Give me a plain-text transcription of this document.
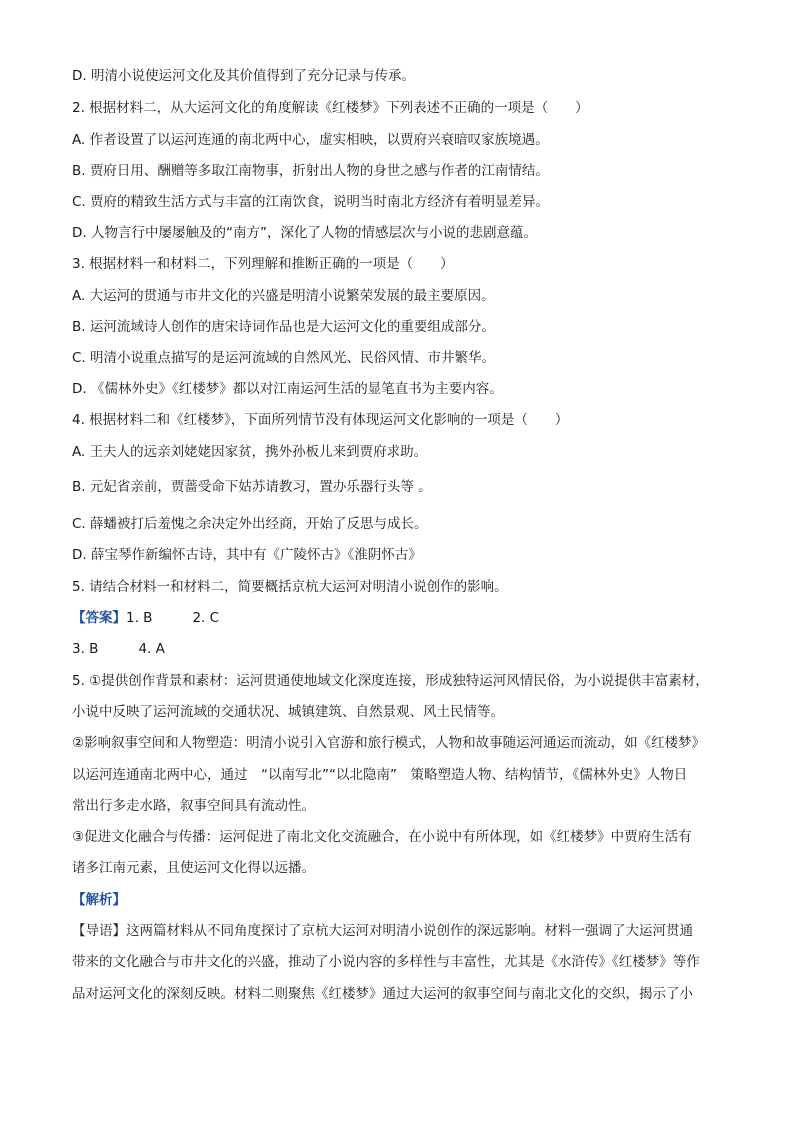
D. 明清小说使运河文化及其价值得到了充分记录与传承。
2. 根据材料二，从大运河文化的角度解读《红楼梦》下列表述不正确的一项是（　　）
A. 作者设置了以运河连通的南北两中心，虚实相映，以贾府兴衰暗叹家族境遇。
B. 贾府日用、酬赠等多取江南物事，折射出人物的身世之感与作者的江南情结。
C. 贾府的精致生活方式与丰富的江南饮食，说明当时南北方经济有着明显差异。
D. 人物言行中屡屡触及的“南方”，深化了人物的情感层次与小说的悲剧意蕴。
3. 根据材料一和材料二，下列理解和推断正确的一项是（　　）
A. 大运河的贯通与市井文化的兴盛是明清小说繁荣发展的最主要原因。
B. 运河流域诗人创作的唐宋诗词作品也是大运河文化的重要组成部分。
C. 明清小说重点描写的是运河流域的自然风光、民俗风情、市井繁华。
D. 《儒林外史》《红楼梦》都以对江南运河生活的显笔直书为主要内容。
4. 根据材料二和《红楼梦》，下面所列情节没有体现运河文化影响的一项是（　　）
A. 王夫人的远亲刘姥姥因家贫，携外孙板儿来到贾府求助。
B. 元妃省亲前，贾蔷受命下姑苏请教习，置办乐器行头等 。
C. 薛蟠被打后羞愧之余决定外出经商，开始了反思与成长。
D. 薛宝琴作新编怀古诗，其中有《广陵怀古》《淮阴怀古》
5. 请结合材料一和材料二，简要概括京杭大运河对明清小说创作的影响。
【答案】1. B	2. C
3. B	4. A
5. ①提供创作背景和素材：运河贯通使地域文化深度连接，形成独特运河风情民俗，为小说提供丰富素材，
小说中反映了运河流域的交通状况、城镇建筑、自然景观、风土民情等。
②影响叙事空间和人物塑造：明清小说引入官游和旅行模式，人物和故事随运河通运而流动，如《红楼梦》
以运河连通南北两中心，通过　“以南写北”“以北隐南”　策略塑造人物、结构情节，《儒林外史》人物日
常出行多走水路，叙事空间具有流动性。
③促进文化融合与传播：运河促进了南北文化交流融合，在小说中有所体现，如《红楼梦》中贾府生活有
诸多江南元素，且使运河文化得以远播。
【解析】
【导语】这两篇材料从不同角度探讨了京杭大运河对明清小说创作的深远影响。材料一强调了大运河贯通
带来的文化融合与市井文化的兴盛，推动了小说内容的多样性与丰富性，尤其是《水浒传》《红楼梦》等作
品对运河文化的深刻反映。材料二则聚焦《红楼梦》通过大运河的叙事空间与南北文化的交织，揭示了小
